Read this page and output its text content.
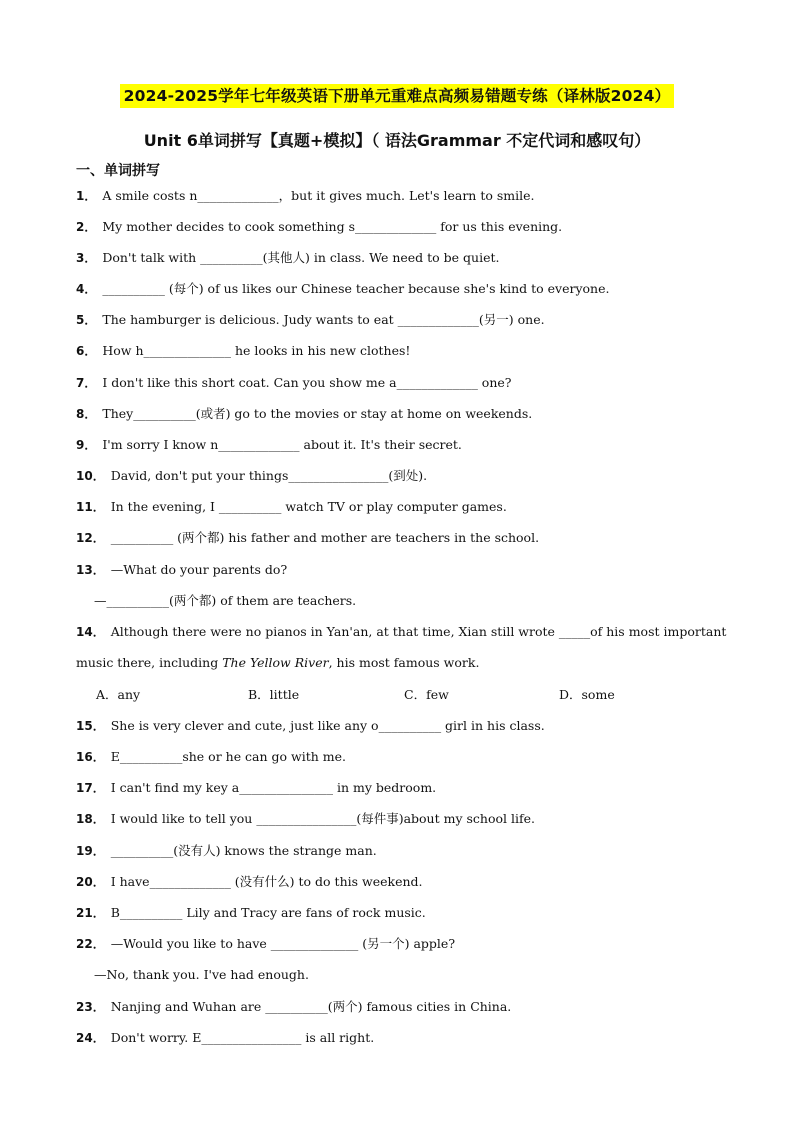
2024-2025学年七年级英语下册单元重难点高频易错题专练（译林版2024）
Unit 6单词拼写【真题+模拟】（ 语法Grammar 不定代词和感叹句）
一、单词拼写
1． A smile costs n_____________，but it gives much. Let's learn to smile.
2． My mother decides to cook something s_____________ for us this evening.
3． Don't talk with __________(其他人) in class. We need to be quiet.
4． __________ (每个) of us likes our Chinese teacher because she's kind to everyone.
5． The hamburger is delicious. Judy wants to eat _____________(另一) one.
6． How h______________ he looks in his new clothes!
7． I don't like this short coat. Can you show me a_____________ one?
8． They__________(或者) go to the movies or stay at home on weekends.
9． I'm sorry I know n_____________ about it. It's their secret.
10． David, don't put your things________________(到处).
11． In the evening, I __________ watch TV or play computer games.
12． __________ (两个都) his father and mother are teachers in the school.
13． —What do your parents do?
—__________(两个都) of them are teachers.
14． Although there were no pianos in Yan'an, at that time, Xian still wrote _____of his most important
music there, including The Yellow River, his most famous work.
A．any	B．little	C．few	D．some
15． She is very clever and cute, just like any o__________ girl in his class.
16． E__________she or he can go with me.
17． I can't find my key a_______________ in my bedroom.
18． I would like to tell you ________________(每件事)about my school life.
19． __________(没有人) knows the strange man.
20． I have_____________ (没有什么) to do this weekend.
21． B__________ Lily and Tracy are fans of rock music.
22． —Would you like to have ______________ (另一个) apple?
—No, thank you. I've had enough.
23． Nanjing and Wuhan are __________(两个) famous cities in China.
24． Don't worry. E________________ is all right.
